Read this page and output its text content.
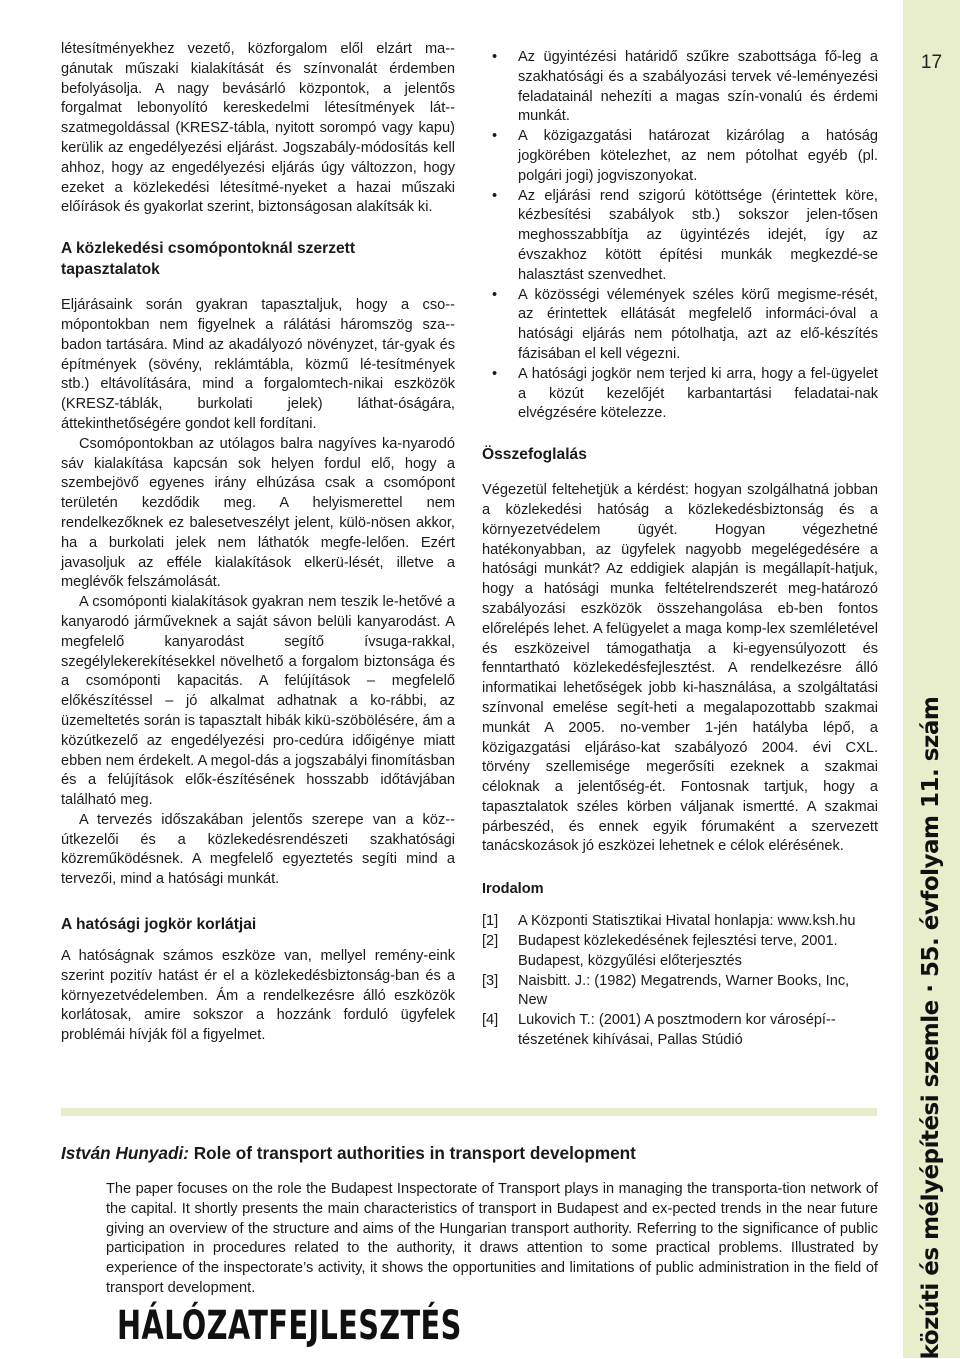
17
közúti és mélyépítési szemle · 55. évfolyam 11. szám

létesítményekhez vezető, közforgalom elől elzárt ma-gánutak műszaki kialakítását és színvonalát érdemben befolyásolja. A nagy bevásárló központok, a jelentős forgalmat lebonyolító kereskedelmi létesítmények lát-szatmegoldással (KRESZ-tábla, nyitott sorompó vagy kapu) kerülik az engedélyezési eljárást. Jogszabály-módosítás kell ahhoz, hogy az engedélyezési eljárás úgy változzon, hogy ezeket a közlekedési létesítmé-nyeket a hazai műszaki előírások és gyakorlat szerint, biztonságosan alakítsák ki.

A közlekedési csomópontoknál szerzett tapasztalatok

Eljárásaink során gyakran tapasztaljuk, hogy a cso-mópontokban nem figyelnek a rálátási háromszög sza-badon tartására. Mind az akadályozó növényzet, tár-gyak és építmények (sövény, reklámtábla, közmű lé-tesítmények stb.) eltávolítására, mind a forgalomtech-nikai eszközök (KRESZ-táblák, burkolati jelek) láthat-óságára, áttekinthetőségére gondot kell fordítani.

Csomópontokban az utólagos balra nagyíves ka-nyarodó sáv kialakítása kapcsán sok helyen fordul elő, hogy a szembejövő egyenes irány elhúzása csak a csomópont területén kezdődik meg. A helyismerettel nem rendelkezőknek ez balesetveszélyt jelent, külö-nösen akkor, ha a burkolati jelek nem láthatók megfe-lelően. Ezért javasoljuk az efféle kialakítások elkerü-lését, illetve a meglévők felszámolását.

A csomóponti kialakítások gyakran nem teszik le-hetővé a kanyarodó járműveknek a saját sávon belüli kanyarodást. A megfelelő kanyarodást segítő ívsuga-rakkal, szegélylekerekítésekkel növelhető a forgalom biztonsága és a csomóponti kapacitás. A felújítások – megfelelő előkészítéssel – jó alkalmat adhatnak a ko-rábbi, az üzemeltetés során is tapasztalt hibák kikü-szöbölésére, ám a közútkezelő az engedélyezési pro-cedúra időigénye miatt ebben nem érdekelt. A megol-dás a jogszabályi finomításban és a felújítások elők-észítésének hosszabb időtávjában található meg.

A tervezés időszakában jelentős szerepe van a köz-útkezelői és a közlekedésrendészeti szakhatósági közreműködésnek. A megfelelő egyeztetés segíti mind a tervezői, mind a hatósági munkát.

A hatósági jogkör korlátjai

A hatóságnak számos eszköze van, mellyel remény-eink szerint pozitív hatást ér el a közlekedésbiztonság-ban és a környezetvédelemben. Ám a rendelkezésre álló eszközök korlátosak, amire sokszor a hozzánk forduló ügyfelek problémái hívják föl a figyelmet.

• Az ügyintézési határidő szűkre szabottsága fő-leg a szakhatósági és a szabályozási tervek vé-leményezési feladatainál nehezíti a magas szín-vonalú és érdemi munkát.
• A közigazgatási határozat kizárólag a hatóság jogkörében kötelezhet, az nem pótolhat egyéb (pl. polgári jogi) jogviszonyokat.
• Az eljárási rend szigorú kötöttsége (érintettek köre, kézbesítési szabályok stb.) sokszor jelen-tősen meghosszabbítja az ügyintézés idejét, így az évszakhoz kötött építési munkák megkezdé-se halasztást szenvedhet.
• A közösségi vélemények széles körű megisme-rését, az érintettek ellátását megfelelő informáci-óval a hatósági eljárás nem pótolhatja, azt az elő-készítés fázisában el kell végezni.
• A hatósági jogkör nem terjed ki arra, hogy a fel-ügyelet a közút kezelőjét karbantartási feladatai-nak elvégzésére kötelezze.
Összefoglalás

Végezetül feltehetjük a kérdést: hogyan szolgálhatná jobban a közlekedési hatóság a közlekedésbiztonság és a környezetvédelem ügyét. Hogyan végezhetné hatékonyabban, az ügyfelek nagyobb megelégedésére a hatósági munkát? Az eddigiek alapján is megállapít-hatjuk, hogy a hatósági munka feltételrendszerét meg-határozó szabályozási eszközök összehangolása eb-ben fontos előrelépés lehet. A felügyelet a maga komp-lex szemléletével és eszközeivel támogathatja a ki-egyensúlyozott és fenntartható közlekedésfejlesztést. A rendelkezésre álló informatikai lehetőségek jobb ki-használása, a szolgáltatási színvonal emelése segít-heti a megalapozottabb szakmai munkát A 2005. no-vember 1-jén hatályba lépő, a közigazgatási eljáráso-kat szabályozó 2004. évi CXL. törvény szellemisége megerősíti ezeknek a szakmai céloknak a jelentőség-ét. Fontosnak tartjuk, hogy a tapasztalatok széles körben váljanak ismertté. A szakmai párbeszéd, és ennek egyik fórumaként a szervezett tanácskozások jó eszközei lehetnek e célok elérésének.

Irodalom
[1] A Központi Statisztikai Hivatal honlapja: www.ksh.hu
[2] Budapest közlekedésének fejlesztési terve, 2001. Budapest, közgyűlési előterjesztés
[3] Naisbitt. J.: (1982) Megatrends, Warner Books, Inc, New
[4] Lukovich T.: (2001) A posztmodern kor városépí-tészetének kihívásai, Pallas Stúdió
István Hunyadi: Role of transport authorities in transport development

The paper focuses on the role the Budapest Inspectorate of Transport plays in managing the transporta-tion network of the capital. It shortly presents the main characteristics of transport in Budapest and ex-pected trends in the near future giving an overview of the structure and aims of the Hungarian transport authority. Referring to the significance of public participation in procedures related to the authority, it draws attention to some practical problems. Illustrated by experience of the inspectorate’s activity, it shows the opportunities and limitations of public administration in the field of transport development.

HÁLÓZATFEJLESZTÉS
